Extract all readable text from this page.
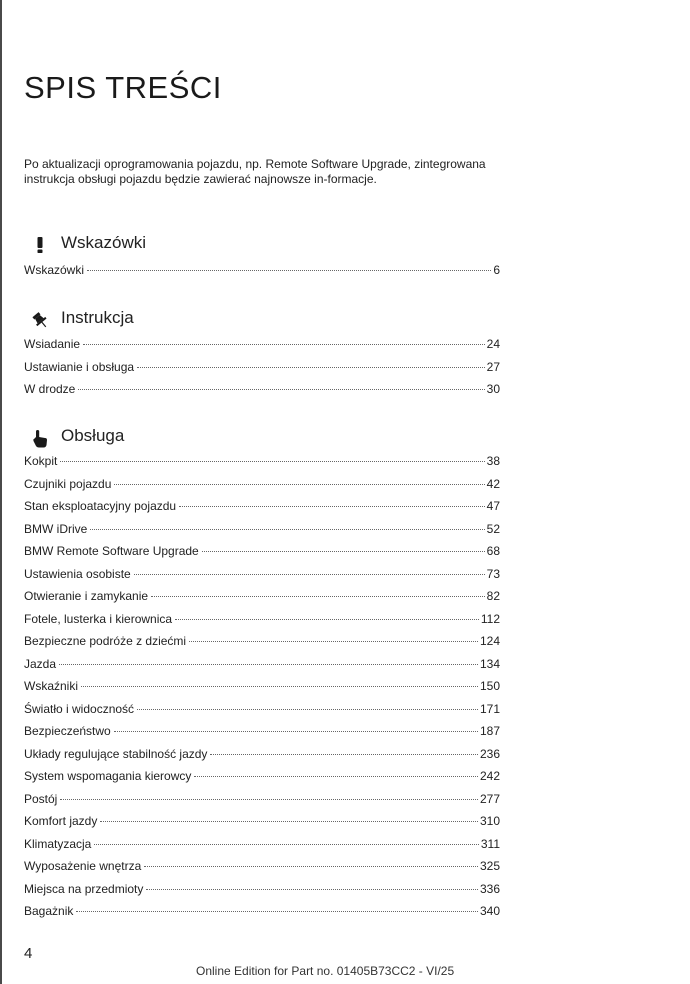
SPIS TREŚCI

Po aktualizacji oprogramowania pojazdu, np. Remote Software Upgrade, zintegrowana instrukcja obsługi pojazdu będzie zawierać najnowsze in-formacje.

Wskazówki
Wskazówki	6
Instrukcja
Wsiadanie	24
Ustawianie i obsługa	27
W drodze	30
Obsługa
Kokpit	38
Czujniki pojazdu	42
Stan eksploatacyjny pojazdu	47
BMW iDrive	52
BMW Remote Software Upgrade	68
Ustawienia osobiste	73
Otwieranie i zamykanie	82
Fotele, lusterka i kierownica	112
Bezpieczne podróże z dziećmi	124
Jazda	134
Wskaźniki	150
Światło i widoczność	171
Bezpieczeństwo	187
Układy regulujące stabilność jazdy	236
System wspomagania kierowcy	242
Postój	277
Komfort jazdy	310
Klimatyzacja	311
Wyposażenie wnętrza	325
Miejsca na przedmioty	336
Bagażnik	340
4
Online Edition for Part no. 01405B73CC2 - VI/25
